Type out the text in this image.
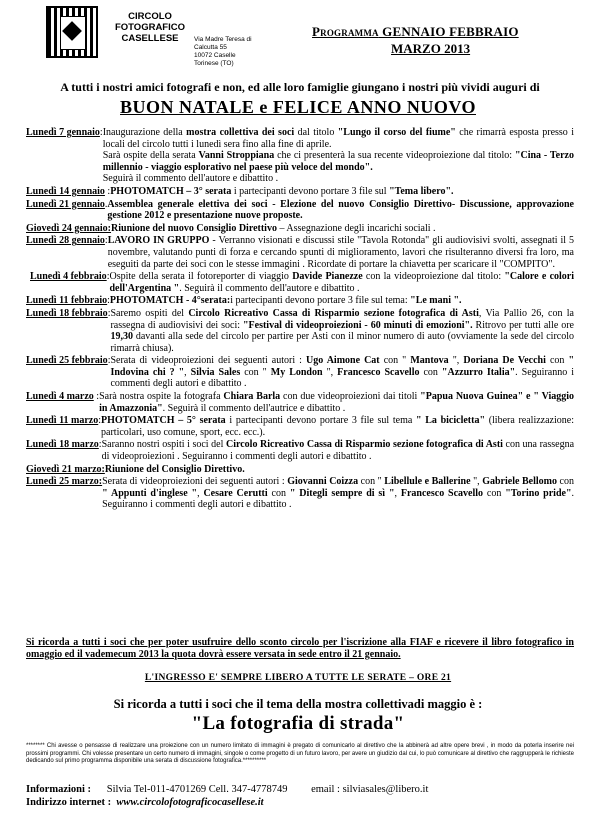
CIRCOLO
FOTOGRAFICO
CASELLESE	Via Madre Teresa di Calcutta 55
10072 Caselle Torinese (TO)
Programma GENNAIO FEBBRAIO
MARZO 2013
A tutti i nostri amici fotografi e non, ed alle loro famiglie giungano i nostri più vividi auguri di
BUON NATALE e FELICE ANNO NUOVO
Lunedì 7 gennaio : Inaugurazione della mostra collettiva dei soci dal titolo "Lungo il corso del fiume" che rimarrà esposta presso i locali del circolo tutti i lunedì sera fino alla fine di aprile.
Sarà ospite della serata Vanni Stroppiana che ci presenterà la sua recente videoproiezione dal titolo: "Cina - Terzo millennio - viaggio esplorativo nel paese più veloce del mondo".
Seguirà il commento dell'autore e dibattito .
Lunedì 14 gennaio : PHOTOMATCH – 3° serata i partecipanti devono portare 3 file sul "Tema libero".
Lunedì 21 gennaio . Assemblea generale elettiva dei soci - Elezione del nuovo Consiglio Direttivo- Discussione, approvazione gestione 2012 e presentazione nuove proposte.
Giovedì 24 gennaio: Riunione del nuovo Consiglio Direttivo – Assegnazione degli incarichi sociali .
Lunedì 28 gennaio : LAVORO IN GRUPPO - Verranno visionati e discussi stile "Tavola Rotonda" gli audiovisivi svolti, assegnati il 5 novembre, valutando punti di forza e cercando spunti di miglioramento, lavori che risulteranno diversi fra loro, ma eseguiti da parte dei soci con le stesse immagini . Ricordate di portare la chiavetta per scaricare il "COMPITO".
Lunedì 4 febbraio : Ospite della serata il fotoreporter di viaggio Davide Pianezze con la videoproiezione dal titolo: "Calore e colori dell'Argentina ". Seguirà il commento dell'autore e dibattito .
Lunedì 11 febbraio : PHOTOMATCH - 4°serata:i partecipanti devono portare 3 file sul tema: "Le mani ".
Lunedì 18 febbraio : Saremo ospiti del Circolo Ricreativo Cassa di Risparmio sezione fotografica di Asti, Via Pallio 26, con la rassegna di audiovisivi dei soci: "Festival di videoproiezioni - 60 minuti di emozioni". Ritrovo per tutti alle ore 19,30 davanti alla sede del circolo per partire per Asti con il minor numero di auto (ovviamente la sede del circolo rimarrà chiusa).
Lunedì 25 febbraio : Serata di videoproiezioni dei seguenti autori : Ugo Aimone Cat con " Mantova ", Doriana De Vecchi con " Indovina chi ? ", Silvia Sales con " My London ", Francesco Scavello con "Azzurro Italia". Seguiranno i commenti degli autori e dibattito .
Lunedì 4 marzo : Sarà nostra ospite la fotografa Chiara Barla con due videoproiezioni dai titoli "Papua Nuova Guinea" e " Viaggio in Amazzonia". Seguirà il commento dell'autrice e dibattito .
Lunedì 11 marzo : PHOTOMATCH – 5° serata i partecipanti devono portare 3 file sul tema " La bicicletta" (libera realizzazione: particolari, uso comune, sport, ecc. ecc.).
Lunedì 18 marzo : Saranno nostri ospiti i soci del Circolo Ricreativo Cassa di Risparmio sezione fotografica di Asti con una rassegna di videoproiezioni . Seguiranno i commenti degli autori e dibattito .
Giovedì 21 marzo: Riunione del Consiglio Direttivo.
Lunedì 25 marzo: Serata di videoproiezioni dei seguenti autori : Giovanni Coizza con " Libellule e Ballerine ", Gabriele Bellomo con " Appunti d'inglese ", Cesare Cerutti con " Ditegli sempre di sì ", Francesco Scavello con "Torino pride". Seguiranno i commenti degli autori e dibattito .
Si ricorda a tutti i soci che per poter usufruire dello sconto circolo per l'iscrizione alla FIAF e ricevere il libro fotografico in omaggio ed il vademecum 2013 la quota dovrà essere versata in sede entro il 21 gennaio.
L'INGRESSO E' SEMPRE LIBERO A TUTTE LE SERATE – ORE 21
Si ricorda a tutti i soci che il tema della mostra collettivadi maggio è :
"La fotografia di strada"
******** Chi avesse o pensasse di realizzare una proiezione con un numero limitato di immagini è pregato di comunicarlo al direttivo che la abbinerà ad altre opere brevi , in modo da poterla inserire nei prossimi programmi. Chi volesse presentare un certo numero di immagini, singole o come progetto di un futuro lavoro, per avere un giudizio dal cui, lo può comunicare al direttivo che raggrupperà le richieste dedicando sul primo programma disponibile una serata di discussione fotografica.**********
Informazioni : Silvia Tel-011-4701269 Cell. 347-4778749 email : silviasales@libero.it
Indirizzo internet : www.circolofotograficocasellese.it
